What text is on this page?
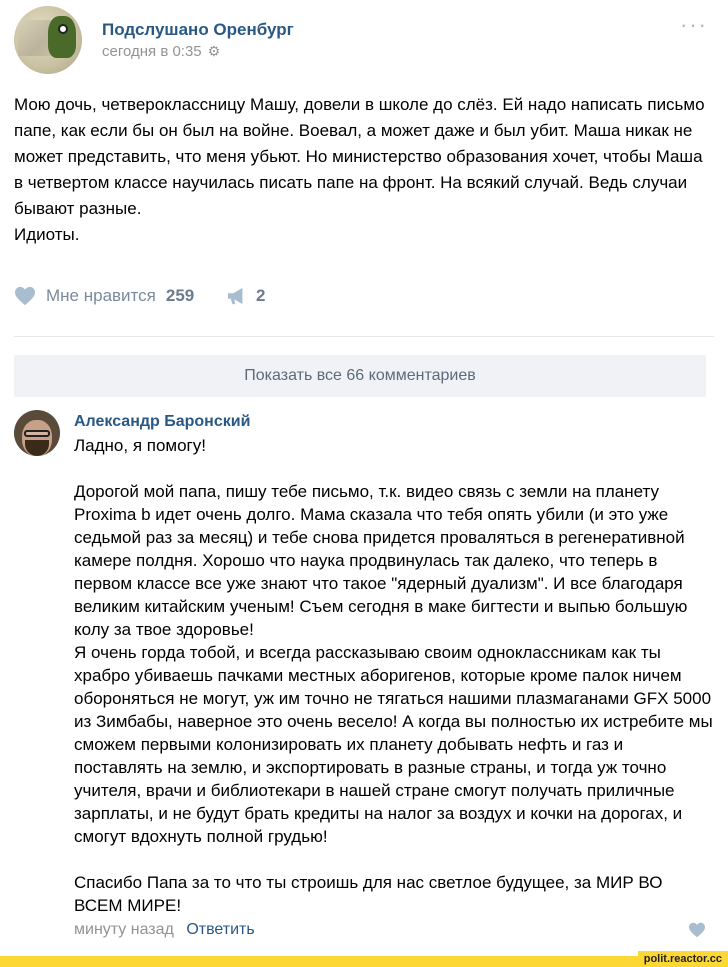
Подслушано Оренбург
сегодня в 0:35 ⚙
···

Мою дочь, четвероклассницу Машу, довели в школе до слёз. Ей надо написать письмо папе, как если бы он был на войне. Воевал, а может даже и был убит. Маша никак не может представить, что меня убьют. Но министерство образования хочет, чтобы Маша в четвертом классе научилась писать папе на фронт. На всякий случай. Ведь случаи бывают разные.

Идиоты.

Мне нравится 259	2
Показать все 66 комментариев
Александр Баронский

Ладно, я помогу!

Дорогой мой папа, пишу тебе письмо, т.к. видео связь с земли на планету Proxima b идет очень долго. Мама сказала что тебя опять убили (и это уже седьмой раз за месяц) и тебе снова придется проваляться в регенеративной камере полдня. Хорошо что наука продвинулась так далеко, что теперь в первом классе все уже знают что такое "ядерный дуализм". И все благодаря великим китайским ученым! Съем сегодня в маке бигтести и выпью большую колу за твое здоровье!

Я очень горда тобой, и всегда рассказываю своим одноклассникам как ты храбро убиваешь пачками местных аборигенов, которые кроме палок ничем обороняться не могут, уж им точно не тягаться нашими плазмаганами GFX 5000 из Зимбабы, наверное это очень весело! А когда вы полностью их истребите мы сможем первыми колонизировать их планету добывать нефть и газ и поставлять на землю, и экспортировать в разные страны, и тогда уж точно учителя, врачи и библиотекари в нашей стране смогут получать приличные зарплаты, и не будут брать кредиты на налог за воздух и кочки на дорогах, и смогут вдохнуть полной грудью!

Спасибо Папа за то что ты строишь для нас светлое будущее, за МИР ВО ВСЕМ МИРЕ!

минуту назад Ответить
polit.reactor.cc
